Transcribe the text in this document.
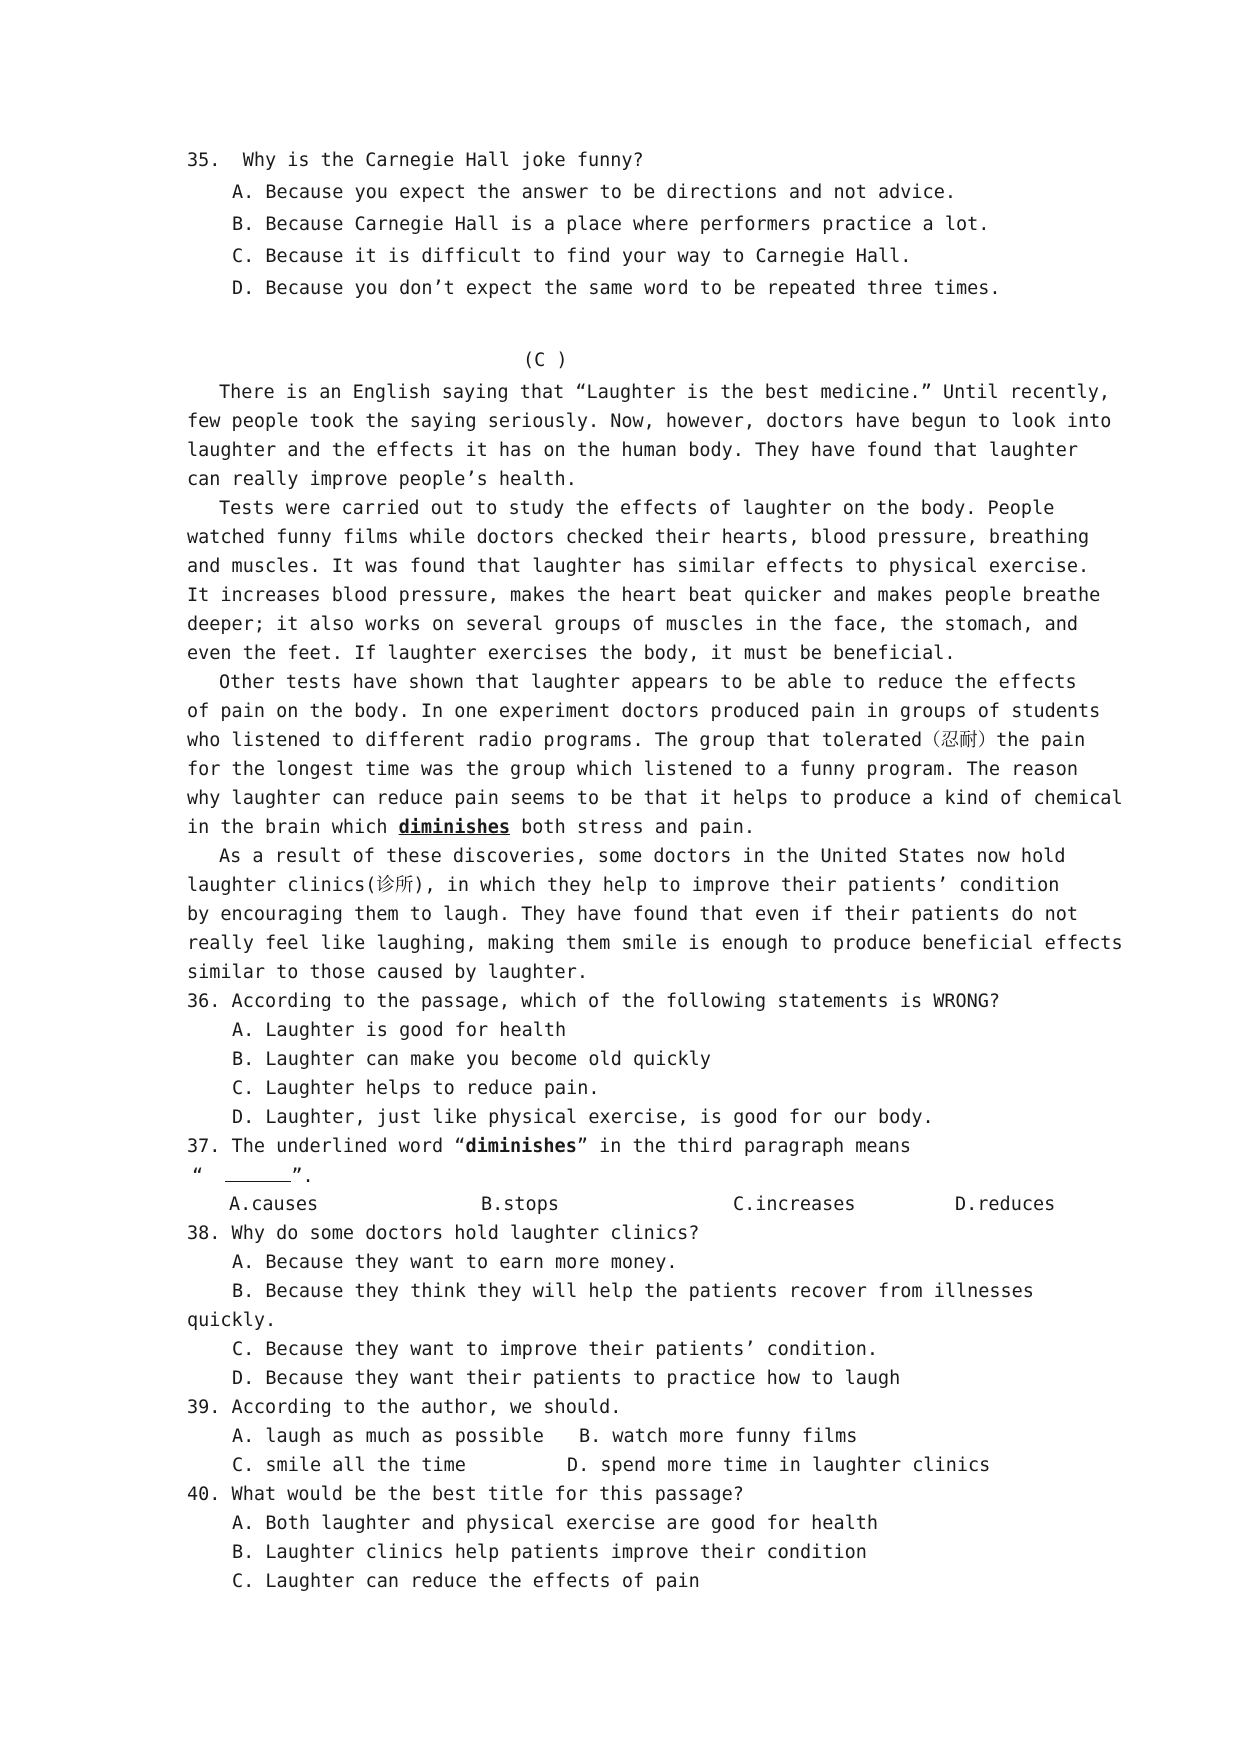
35.  Why is the Carnegie Hall joke funny?
A. Because you expect the answer to be directions and not advice.
B. Because Carnegie Hall is a place where performers practice a lot.
C. Because it is difficult to find your way to Carnegie Hall.
D. Because you don’t expect the same word to be repeated three times.
(C )
There is an English saying that “Laughter is the best medicine.” Until recently,
few people took the saying seriously. Now, however, doctors have begun to look into
laughter and the effects it has on the human body. They have found that laughter
can really improve people’s health.
Tests were carried out to study the effects of laughter on the body. People
watched funny films while doctors checked their hearts, blood pressure, breathing
and muscles. It was found that laughter has similar effects to physical exercise.
It increases blood pressure, makes the heart beat quicker and makes people breathe
deeper; it also works on several groups of muscles in the face, the stomach, and
even the feet. If laughter exercises the body, it must be beneficial.
Other tests have shown that laughter appears to be able to reduce the effects
of pain on the body. In one experiment doctors produced pain in groups of students
who listened to different radio programs. The group that tolerated（忍耐）the pain
for the longest time was the group which listened to a funny program. The reason
why laughter can reduce pain seems to be that it helps to produce a kind of chemical
in the brain which diminishes both stress and pain.
As a result of these discoveries, some doctors in the United States now hold
laughter clinics(诊所), in which they help to improve their patients’ condition
by encouraging them to laugh. They have found that even if their patients do not
really feel like laughing, making them smile is enough to produce beneficial effects
similar to those caused by laughter.
36. According to the passage, which of the following statements is WRONG?
A. Laughter is good for health
B. Laughter can make you become old quickly
C. Laughter helps to reduce pain.
D. Laughter, just like physical exercise, is good for our body.
37. The underlined word “diminishes” in the third paragraph means
“	”.
A.causes	B.stops	C.increases	D.reduces
38. Why do some doctors hold laughter clinics?
A. Because they want to earn more money.
B. Because they think they will help the patients recover from illnesses
quickly.
C. Because they want to improve their patients’ condition.
D. Because they want their patients to practice how to laugh
39. According to the author, we should.
A. laugh as much as possible B. watch more funny films
C. smile all the time	D. spend more time in laughter clinics
40. What would be the best title for this passage?
A. Both laughter and physical exercise are good for health
B. Laughter clinics help patients improve their condition
C. Laughter can reduce the effects of pain
